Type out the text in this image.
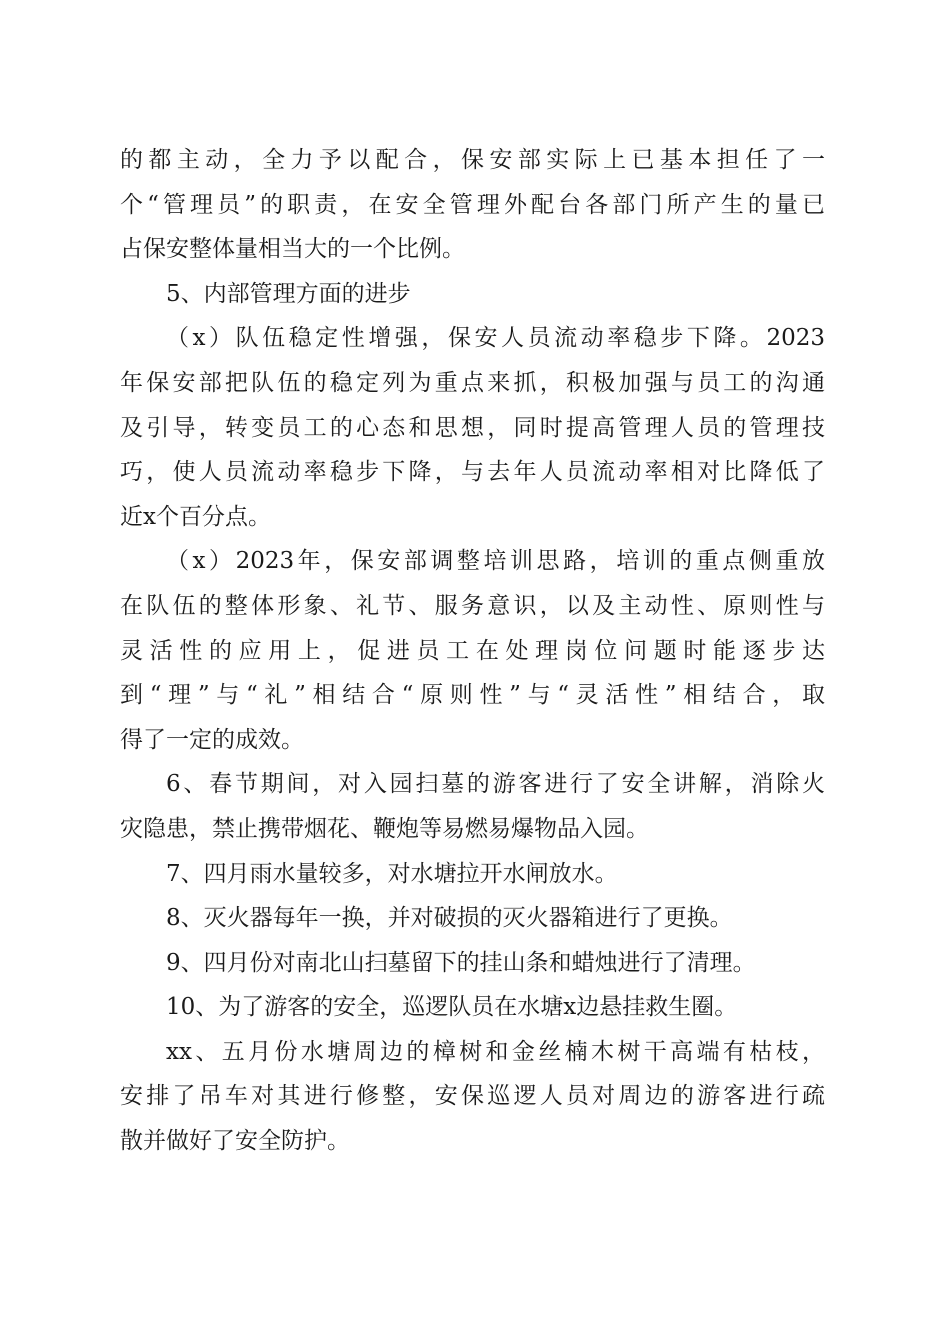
的都主动，全力予以配合，保安部实际上已基本担任了一
个“管理员”的职责，在安全管理外配台各部门所产生的量已
占保安整体量相当大的一个比例。
5、内部管理方面的进步
（x）队伍稳定性增强，保安人员流动率稳步下降。2023
年保安部把队伍的稳定列为重点来抓，积极加强与员工的沟通
及引导，转变员工的心态和思想，同时提高管理人员的管理技
巧，使人员流动率稳步下降，与去年人员流动率相对比降低了
近x个百分点。
（x）2023年，保安部调整培训思路，培训的重点侧重放
在队伍的整体形象、礼节、服务意识，以及主动性、原则性与
灵活性的应用上，促进员工在处理岗位问题时能逐步达
到“理”与“礼”相结合“原则性”与“灵活性”相结合，取
得了一定的成效。
6、春节期间，对入园扫墓的游客进行了安全讲解，消除火
灾隐患，禁止携带烟花、鞭炮等易燃易爆物品入园。
7、四月雨水量较多，对水塘拉开水闸放水。
8、灭火器每年一换，并对破损的灭火器箱进行了更换。
9、四月份对南北山扫墓留下的挂山条和蜡烛进行了清理。
10、为了游客的安全，巡逻队员在水塘x边悬挂救生圈。
xx、五月份水塘周边的樟树和金丝楠木树干高端有枯枝，
安排了吊车对其进行修整，安保巡逻人员对周边的游客进行疏
散并做好了安全防护。
